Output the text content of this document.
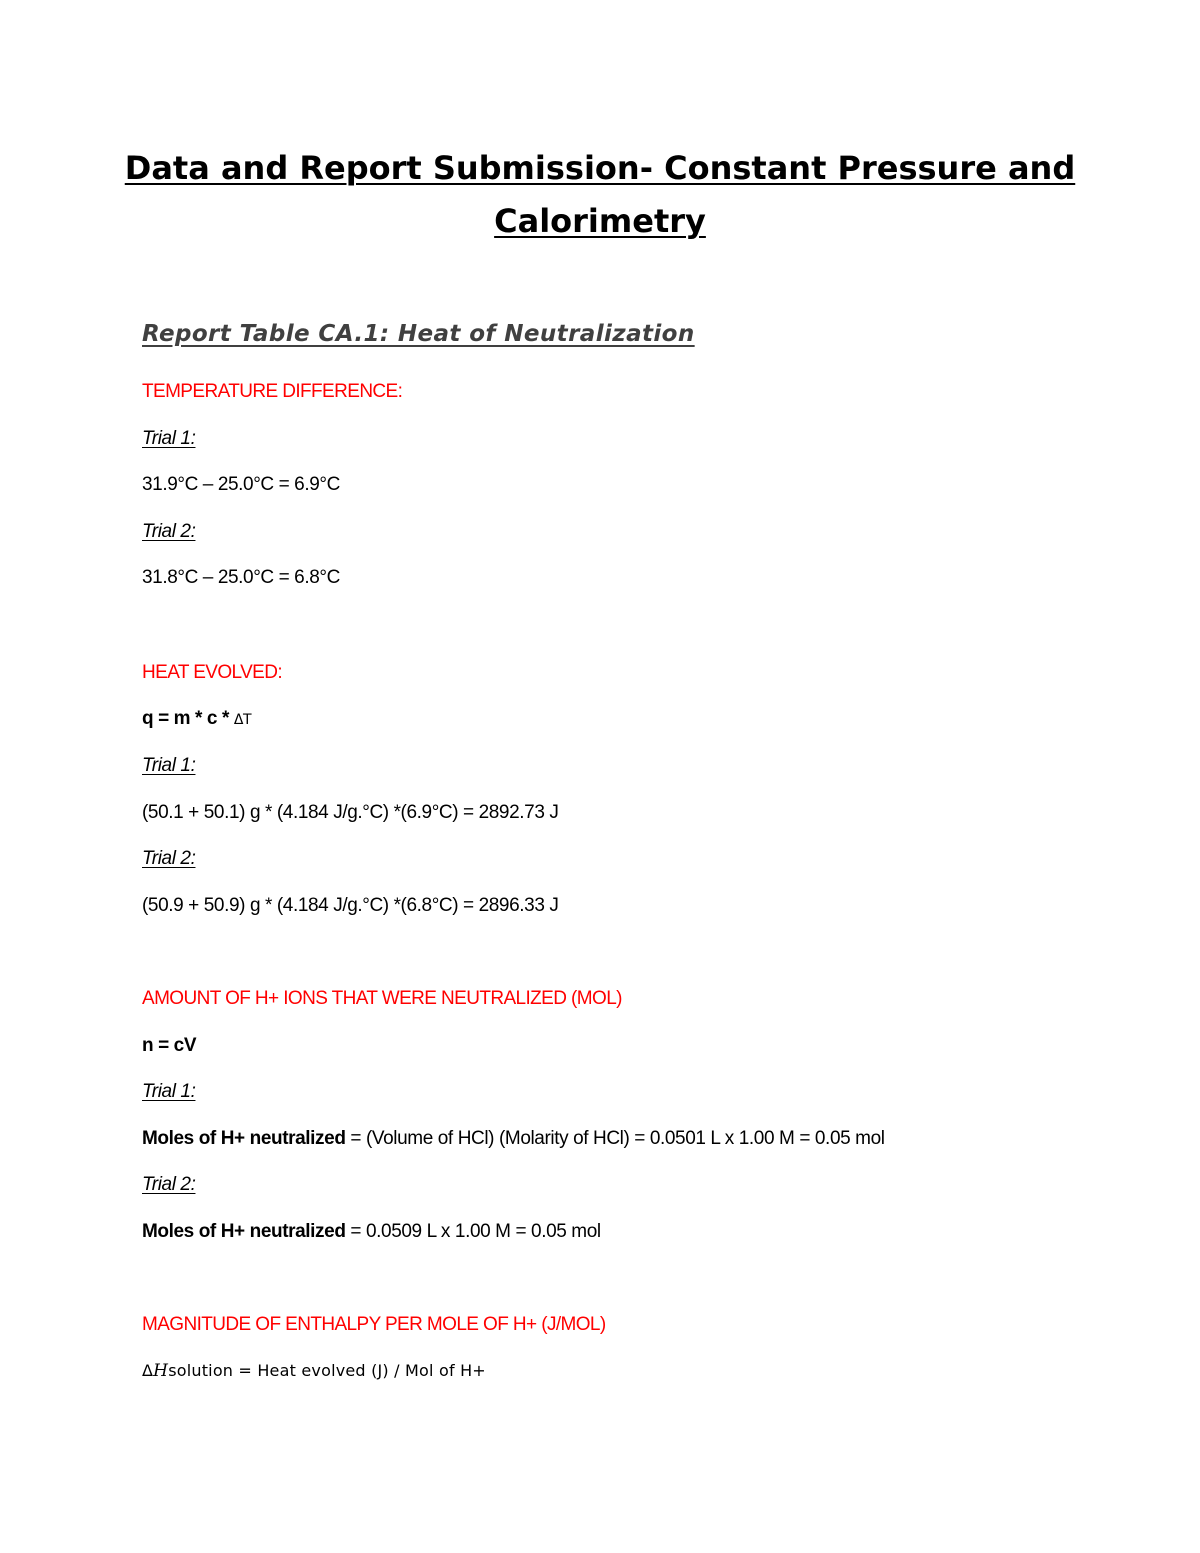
Data and Report Submission- Constant Pressure and
Calorimetry
Report Table CA.1: Heat of Neutralization
TEMPERATURE DIFFERENCE:
Trial 1:
31.9°C – 25.0°C = 6.9°C
Trial 2:
31.8°C – 25.0°C = 6.8°C
HEAT EVOLVED:
q = m * c * ΔT
Trial 1:
(50.1 + 50.1) g * (4.184 J/g.°C) *(6.9°C) = 2892.73 J
Trial 2:
(50.9 + 50.9) g * (4.184 J/g.°C) *(6.8°C) = 2896.33 J
AMOUNT OF H+ IONS THAT WERE NEUTRALIZED (MOL)
n = cV
Trial 1:
Moles of H+ neutralized = (Volume of HCl) (Molarity of HCl) = 0.0501 L x 1.00 M = 0.05 mol
Trial 2:
Moles of H+ neutralized = 0.0509 L x 1.00 M = 0.05 mol
MAGNITUDE OF ENTHALPY PER MOLE OF H+ (J/MOL)
ΔHsolution = Heat evolved (J) / Mol of H+
